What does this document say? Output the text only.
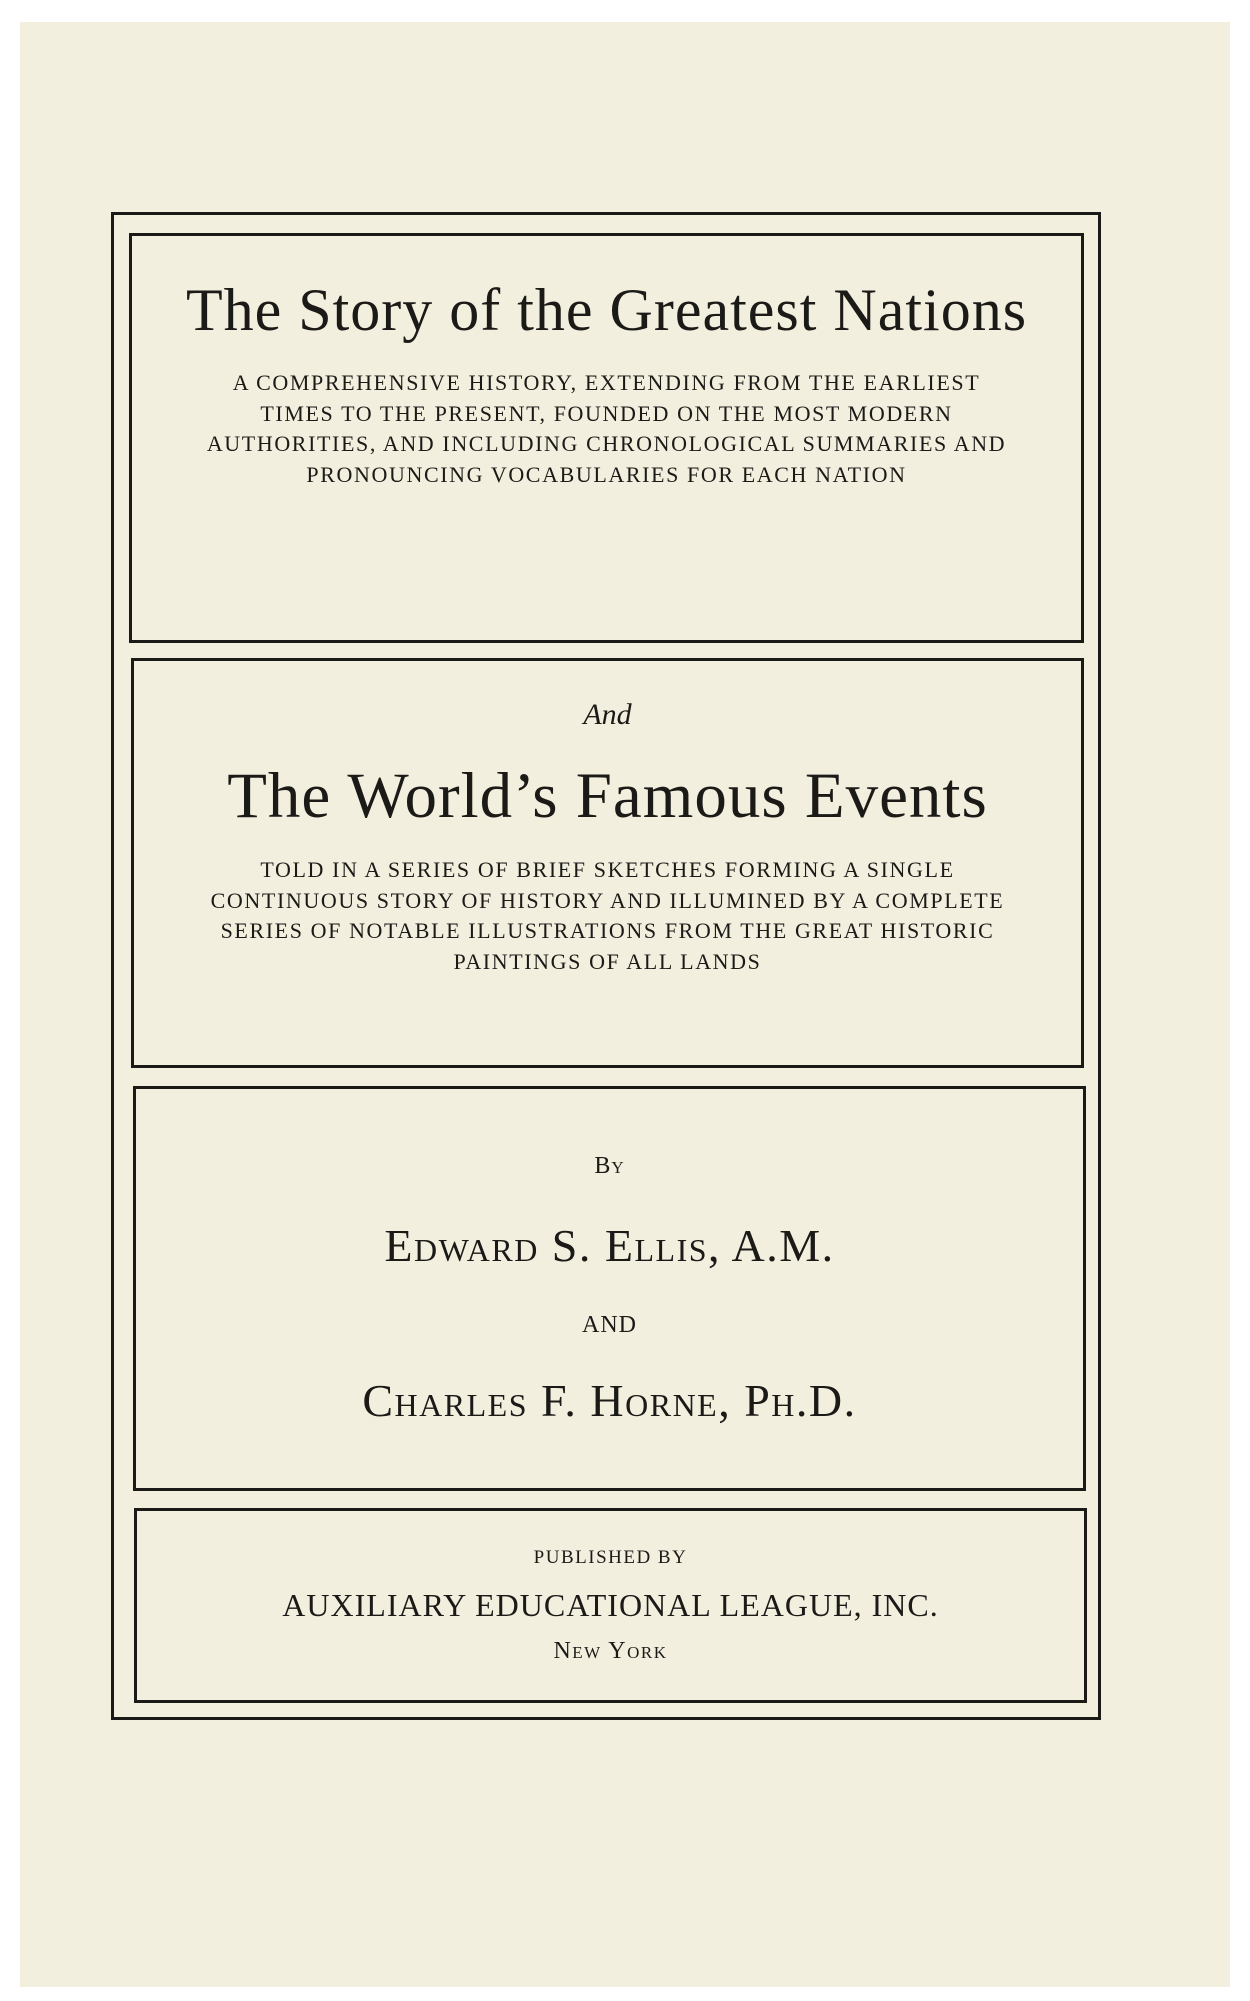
The Story of the Greatest Nations
A COMPREHENSIVE HISTORY, EXTENDING FROM THE EARLIEST TIMES TO THE PRESENT, FOUNDED ON THE MOST MODERN AUTHORITIES, AND INCLUDING CHRONOLOGICAL SUMMARIES AND PRONOUNCING VOCABULARIES FOR EACH NATION
And
The World’s Famous Events
TOLD IN A SERIES OF BRIEF SKETCHES FORMING A SINGLE CONTINUOUS STORY OF HISTORY AND ILLUMINED BY A COMPLETE SERIES OF NOTABLE ILLUSTRATIONS FROM THE GREAT HISTORIC PAINTINGS OF ALL LANDS
By
Edward S. Ellis, A.M.
AND
Charles F. Horne, Ph.D.
PUBLISHED BY
AUXILIARY EDUCATIONAL LEAGUE, INC.
New York
